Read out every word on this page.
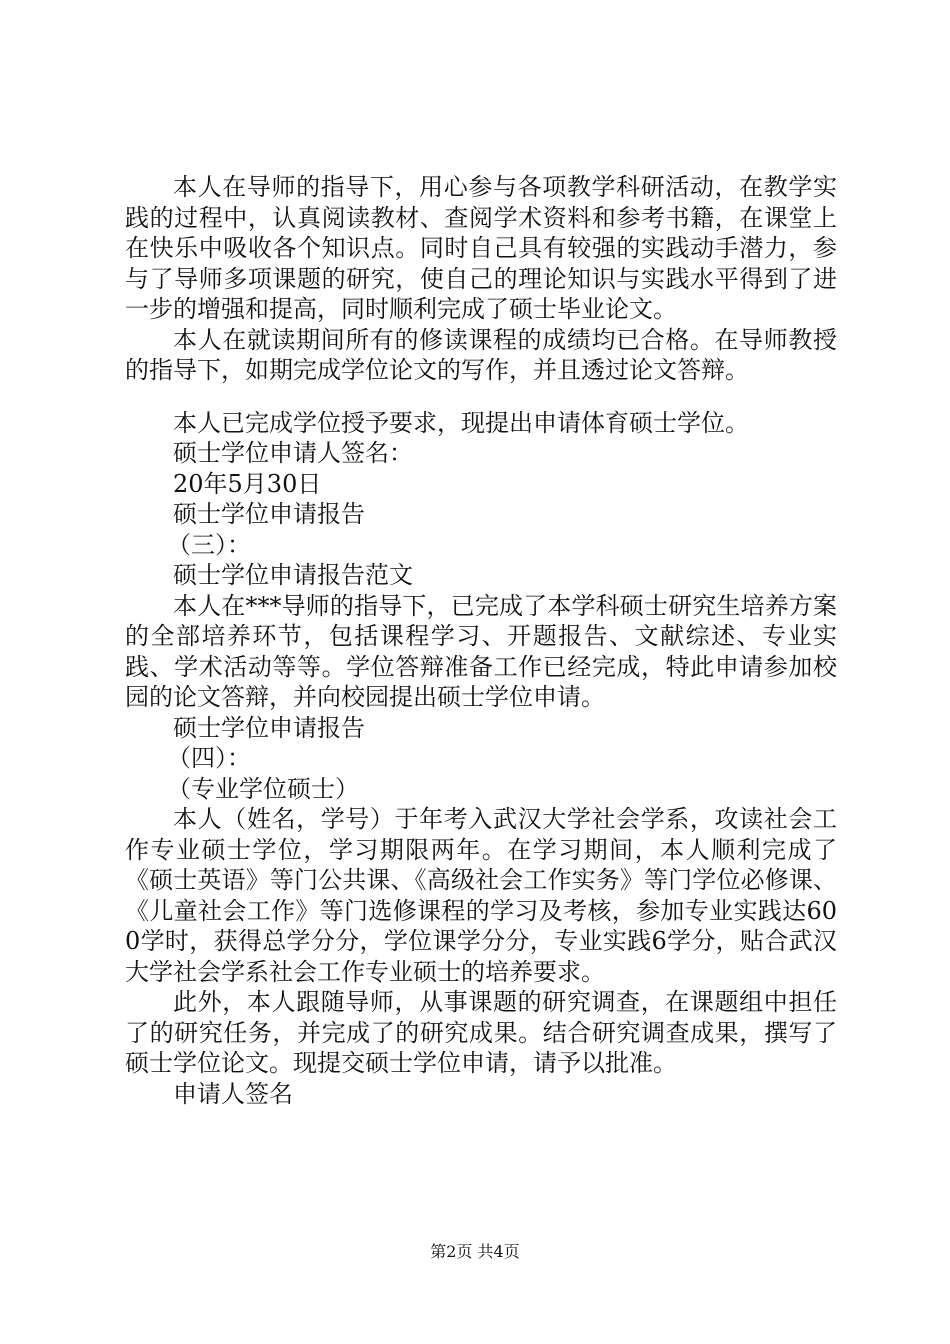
本人在导师的指导下，用心参与各项教学科研活动，在教学实践的过程中，认真阅读教材、查阅学术资料和参考书籍，在课堂上在快乐中吸收各个知识点。同时自己具有较强的实践动手潜力，参与了导师多项课题的研究，使自己的理论知识与实践水平得到了进一步的增强和提高，同时顺利完成了硕士毕业论文。

本人在就读期间所有的修读课程的成绩均已合格。在导师教授的指导下，如期完成学位论文的写作，并且透过论文答辩。

本人已完成学位授予要求，现提出申请体育硕士学位。

硕士学位申请人签名：

20年5月30日

硕士学位申请报告

（三）：

硕士学位申请报告范文

本人在***导师的指导下，已完成了本学科硕士研究生培养方案的全部培养环节，包括课程学习、开题报告、文献综述、专业实践、学术活动等等。学位答辩准备工作已经完成，特此申请参加校园的论文答辩，并向校园提出硕士学位申请。

硕士学位申请报告

（四）：

（专业学位硕士）

本人（姓名，学号）于年考入武汉大学社会学系，攻读社会工作专业硕士学位，学习期限两年。在学习期间，本人顺利完成了《硕士英语》等门公共课、《高级社会工作实务》等门学位必修课、《儿童社会工作》等门选修课程的学习及考核，参加专业实践达600学时，获得总学分分，学位课学分分，专业实践6学分，贴合武汉大学社会学系社会工作专业硕士的培养要求。

此外，本人跟随导师，从事课题的研究调查，在课题组中担任了的研究任务，并完成了的研究成果。结合研究调查成果，撰写了硕士学位论文。现提交硕士学位申请，请予以批准。

申请人签名

第2页 共4页
